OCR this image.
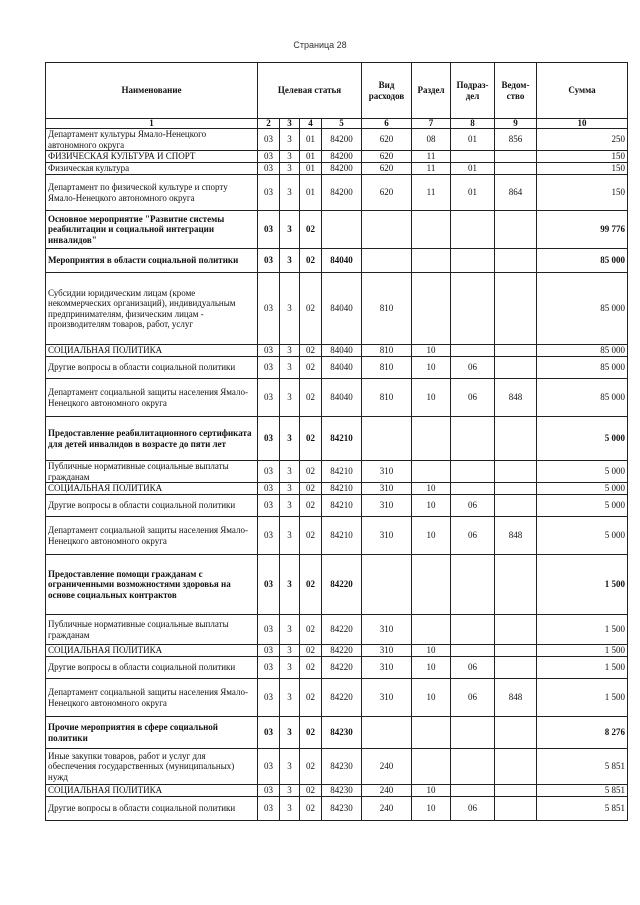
Страница 28
Наименование	Целевая статья				Вид расходов	Раздел	Подраз-дел	Ведом-ство	Сумма
1	2	3	4	5	6	7	8	9	10
Департамент культуры Ямало-Ненецкого автономного округа	03	3	01	84200	620	08	01	856	250
ФИЗИЧЕСКАЯ КУЛЬТУРА И СПОРТ	03	3	01	84200	620	11			150
Физическая культура	03	3	01	84200	620	11	01		150
Департамент по физической культуре и спорту Ямало-Ненецкого автономного округа	03	3	01	84200	620	11	01	864	150
Основное мероприятие "Развитие системы реабилитации и социальной интеграции инвалидов"	03	3	02						99 776
Мероприятия в области социальной политики	03	3	02	84040					85 000
Субсидии юридическим лицам (кроме некоммерческих организаций), индивидуальным предпринимателям, физическим лицам - производителям товаров, работ, услуг	03	3	02	84040	810				85 000
СОЦИАЛЬНАЯ ПОЛИТИКА	03	3	02	84040	810	10			85 000
Другие вопросы в области социальной политики	03	3	02	84040	810	10	06		85 000
Департамент социальной защиты населения Ямало-Ненецкого автономного округа	03	3	02	84040	810	10	06	848	85 000
Предоставление реабилитационного сертификата для детей инвалидов в возрасте до пяти лет	03	3	02	84210					5 000
Публичные нормативные социальные выплаты гражданам	03	3	02	84210	310				5 000
СОЦИАЛЬНАЯ ПОЛИТИКА	03	3	02	84210	310	10			5 000
Другие вопросы в области социальной политики	03	3	02	84210	310	10	06		5 000
Департамент социальной защиты населения Ямало-Ненецкого автономного округа	03	3	02	84210	310	10	06	848	5 000
Предоставление помощи гражданам с ограниченными возможностями здоровья на основе социальных контрактов	03	3	02	84220					1 500
Публичные нормативные социальные выплаты гражданам	03	3	02	84220	310				1 500
СОЦИАЛЬНАЯ ПОЛИТИКА	03	3	02	84220	310	10			1 500
Другие вопросы в области социальной политики	03	3	02	84220	310	10	06		1 500
Департамент социальной защиты населения Ямало-Ненецкого автономного округа	03	3	02	84220	310	10	06	848	1 500
Прочие мероприятия в сфере социальной политики	03	3	02	84230					8 276
Иные закупки товаров, работ и услуг для обеспечения государственных (муниципальных) нужд	03	3	02	84230	240				5 851
СОЦИАЛЬНАЯ ПОЛИТИКА	03	3	02	84230	240	10			5 851
Другие вопросы в области социальной политики	03	3	02	84230	240	10	06		5 851
